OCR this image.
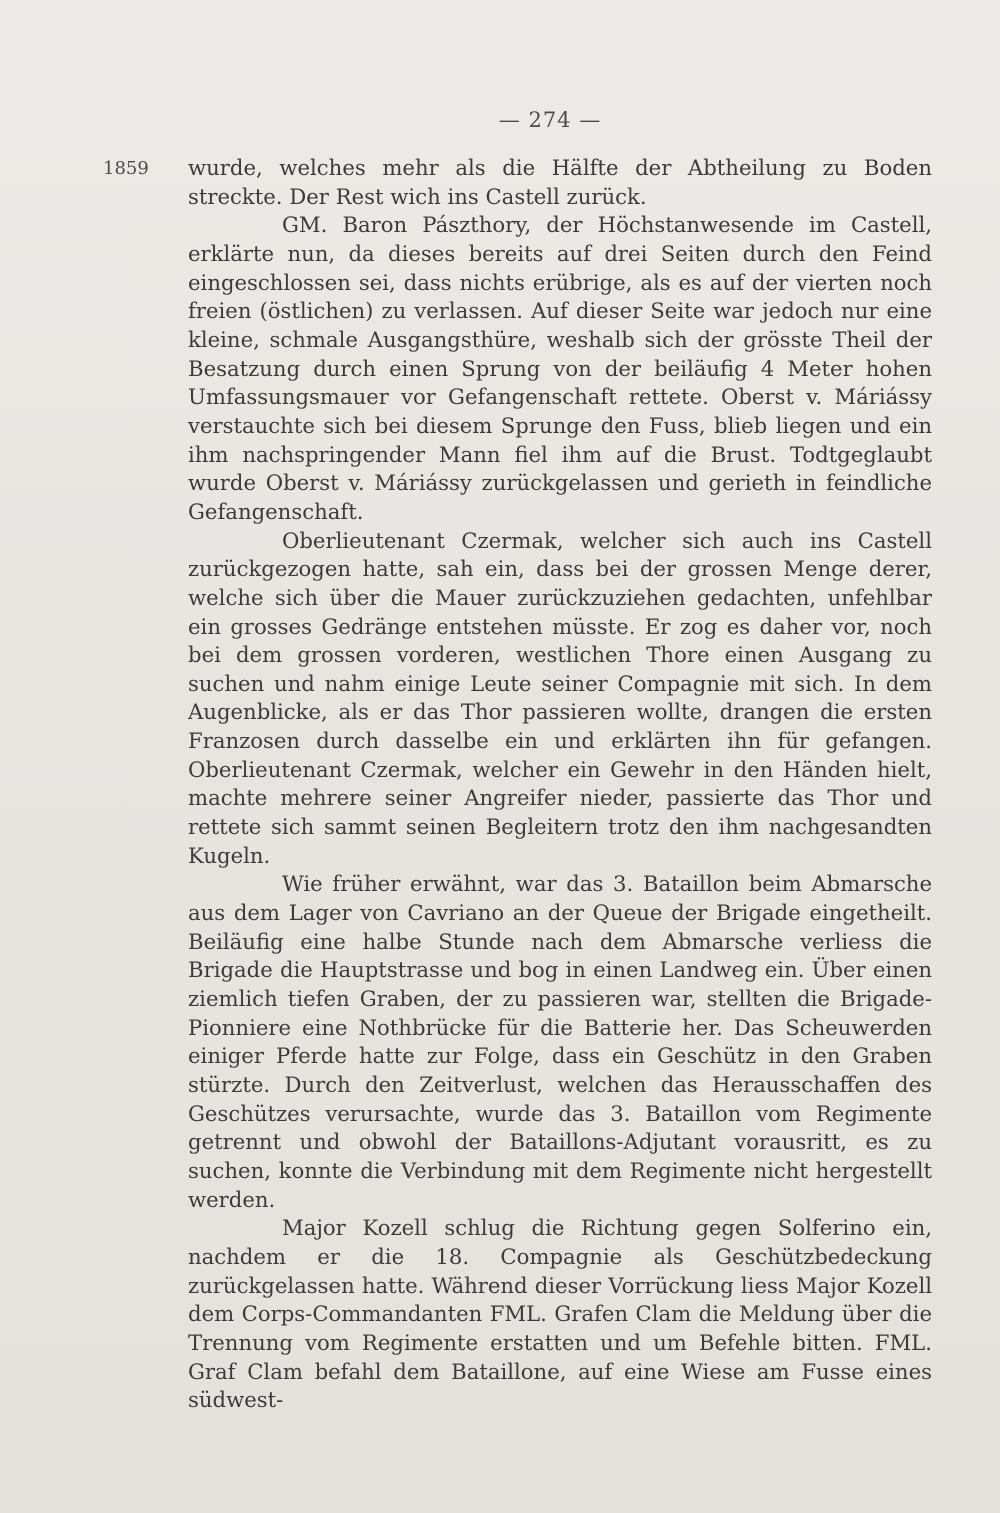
— 274 —
1859 wurde, welches mehr als die Hälfte der Abtheilung zu Boden streckte. Der Rest wich ins Castell zurück.

GM. Baron Pászthory, der Höchstanwesende im Castell, erklärte nun, da dieses bereits auf drei Seiten durch den Feind eingeschlossen sei, dass nichts erübrige, als es auf der vierten noch freien (östlichen) zu verlassen. Auf dieser Seite war jedoch nur eine kleine, schmale Ausgangsthüre, weshalb sich der grösste Theil der Besatzung durch einen Sprung von der beiläufig 4 Meter hohen Umfassungsmauer vor Gefangenschaft rettete. Oberst v. Máriássy verstauchte sich bei diesem Sprunge den Fuss, blieb liegen und ein ihm nachspringender Mann fiel ihm auf die Brust. Todtgeglaubt wurde Oberst v. Máriássy zurückgelassen und gerieth in feindliche Gefangenschaft.

Oberlieutenant Czermak, welcher sich auch ins Castell zurückgezogen hatte, sah ein, dass bei der grossen Menge derer, welche sich über die Mauer zurückzuziehen gedachten, unfehlbar ein grosses Gedränge entstehen müsste. Er zog es daher vor, noch bei dem grossen vorderen, westlichen Thore einen Ausgang zu suchen und nahm einige Leute seiner Compagnie mit sich. In dem Augenblicke, als er das Thor passieren wollte, drangen die ersten Franzosen durch dasselbe ein und erklärten ihn für gefangen. Oberlieutenant Czermak, welcher ein Gewehr in den Händen hielt, machte mehrere seiner Angreifer nieder, passierte das Thor und rettete sich sammt seinen Begleitern trotz den ihm nachgesandten Kugeln.

Wie früher erwähnt, war das 3. Bataillon beim Abmarsche aus dem Lager von Cavriano an der Queue der Brigade eingetheilt. Beiläufig eine halbe Stunde nach dem Abmarsche verliess die Brigade die Hauptstrasse und bog in einen Landweg ein. Über einen ziemlich tiefen Graben, der zu passieren war, stellten die Brigade-Pionniere eine Nothbrücke für die Batterie her. Das Scheuwerden einiger Pferde hatte zur Folge, dass ein Geschütz in den Graben stürzte. Durch den Zeitverlust, welchen das Herausschaffen des Geschützes verursachte, wurde das 3. Bataillon vom Regimente getrennt und obwohl der Bataillons-Adjutant vorausritt, es zu suchen, konnte die Verbindung mit dem Regimente nicht hergestellt werden.

Major Kozell schlug die Richtung gegen Solferino ein, nachdem er die 18. Compagnie als Geschützbedeckung zurückgelassen hatte. Während dieser Vorrückung liess Major Kozell dem Corps-Commandanten FML. Grafen Clam die Meldung über die Trennung vom Regimente erstatten und um Befehle bitten. FML. Graf Clam befahl dem Bataillone, auf eine Wiese am Fusse eines südwest-
